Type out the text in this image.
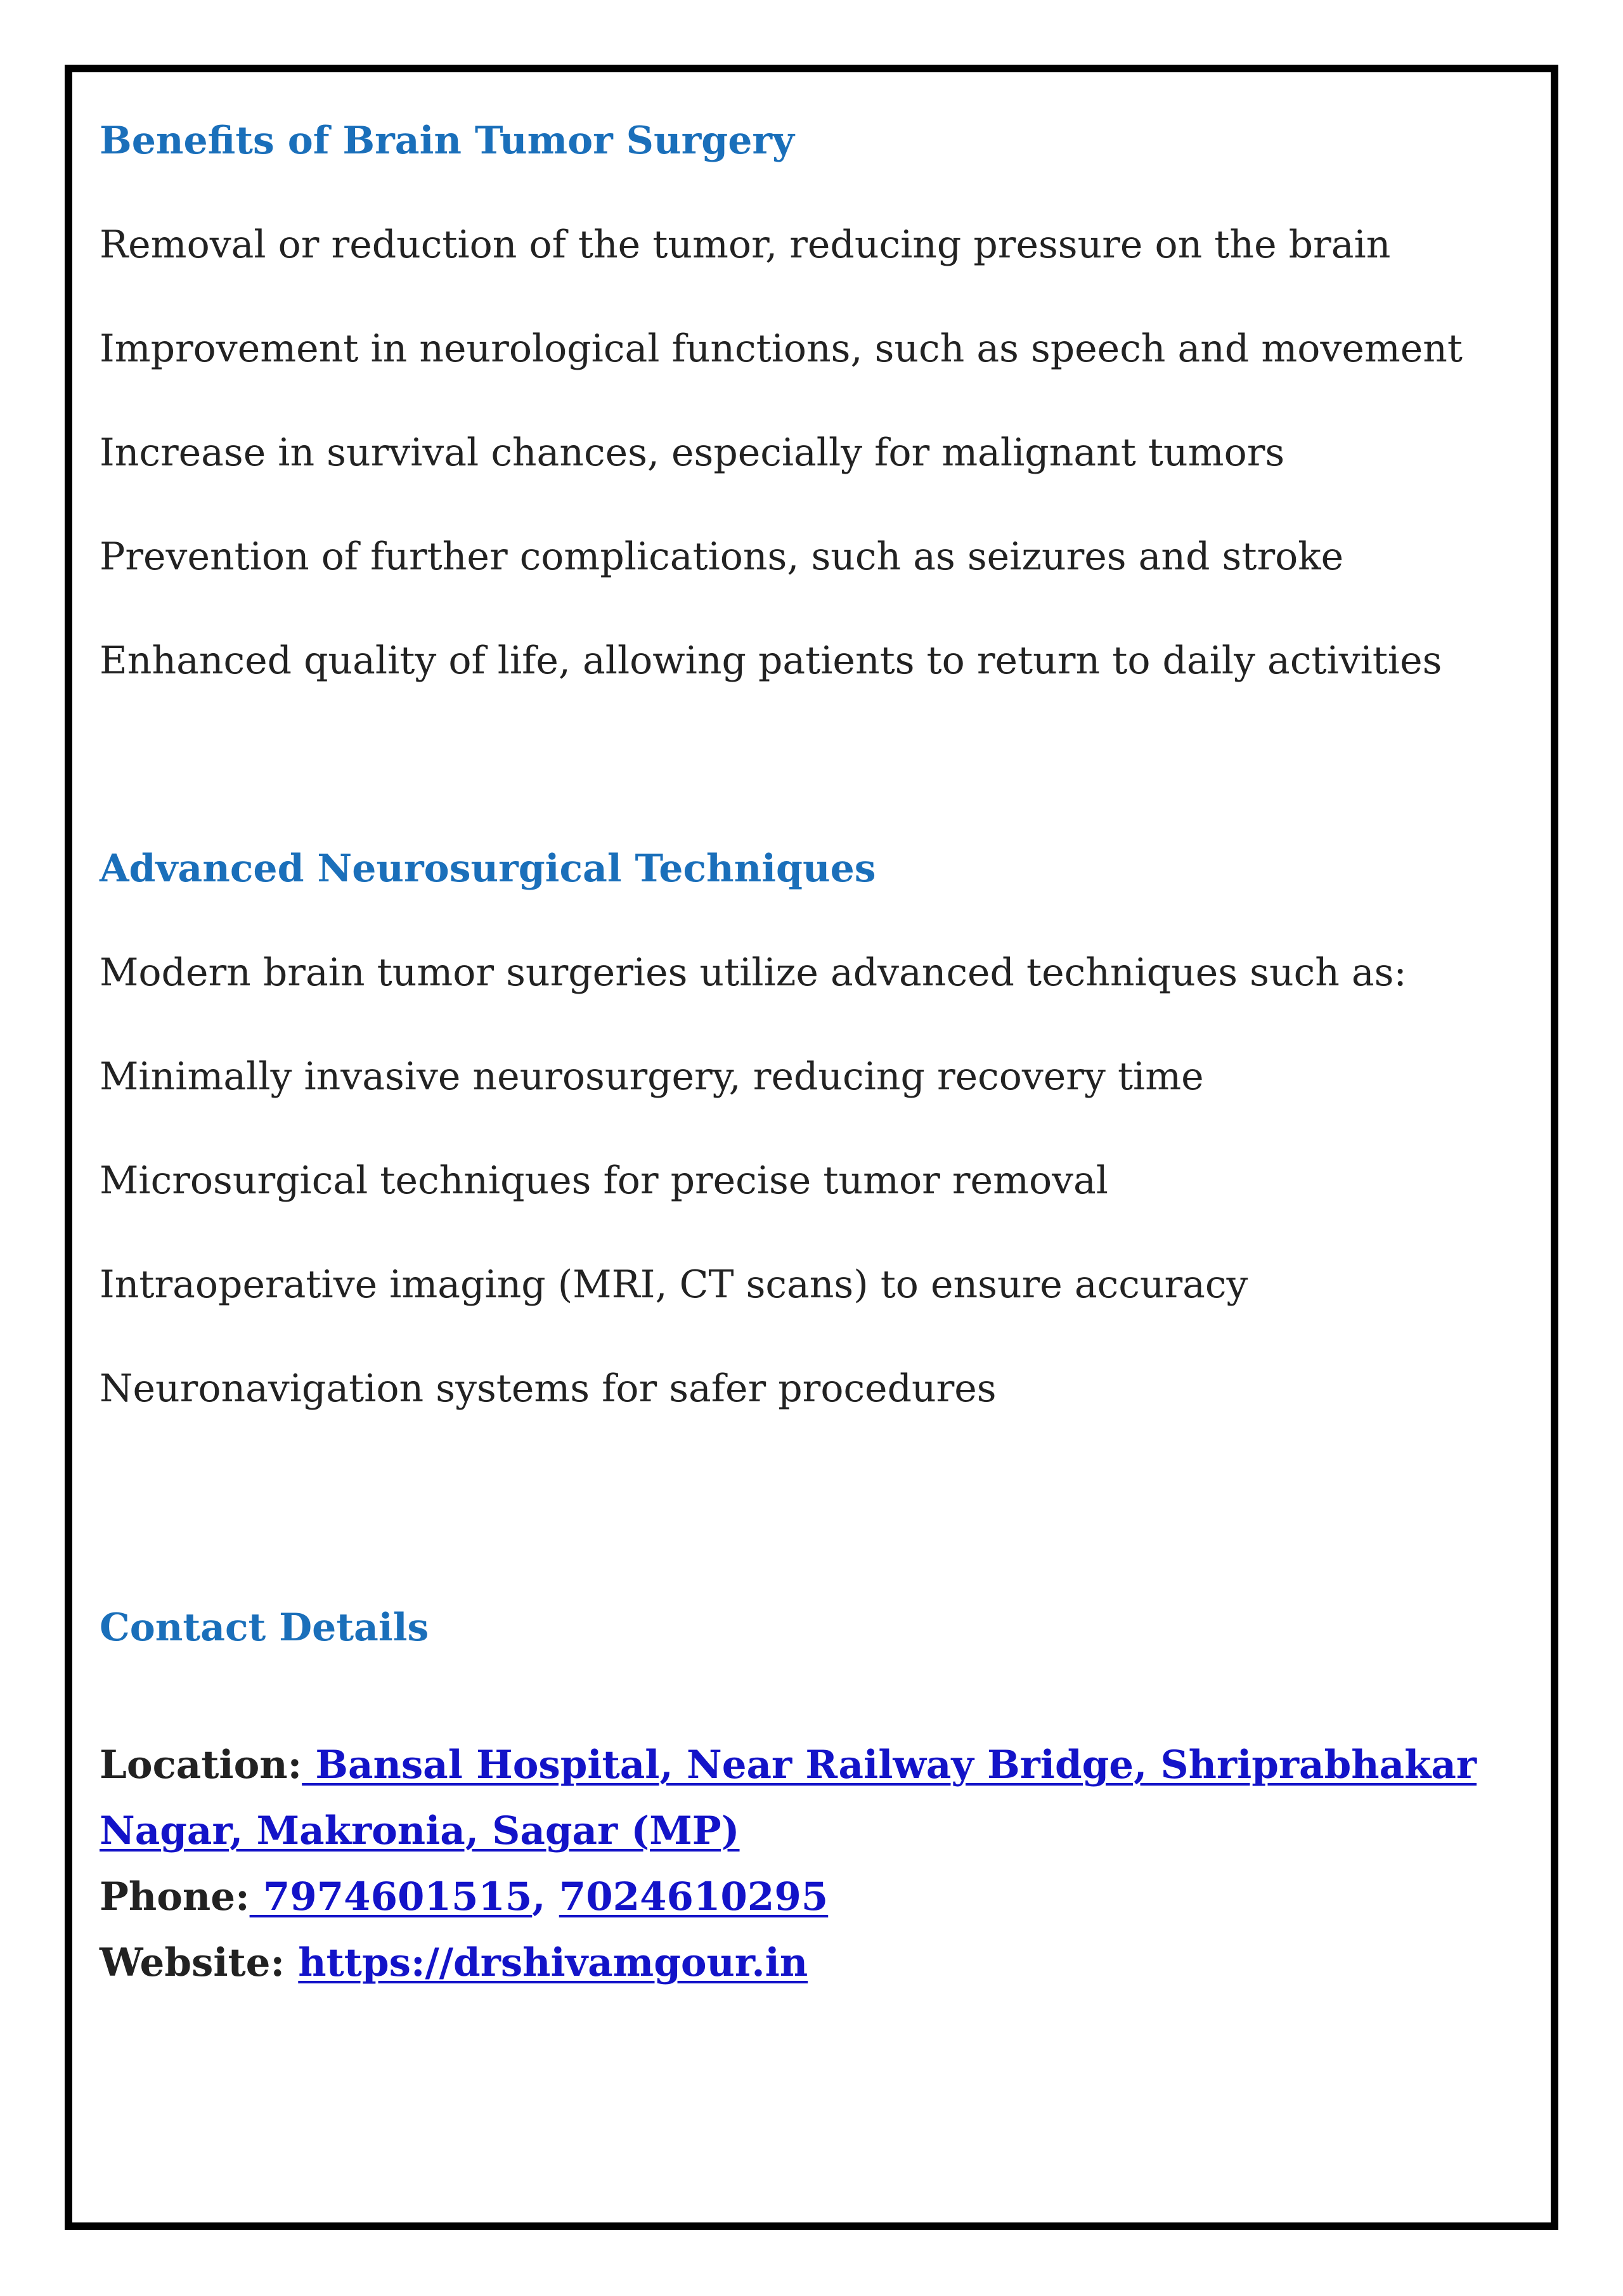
Benefits of Brain Tumor Surgery

Removal or reduction of the tumor, reducing pressure on the brain

Improvement in neurological functions, such as speech and movement

Increase in survival chances, especially for malignant tumors

Prevention of further complications, such as seizures and stroke

Enhanced quality of life, allowing patients to return to daily activities

Advanced Neurosurgical Techniques

Modern brain tumor surgeries utilize advanced techniques such as:

Minimally invasive neurosurgery, reducing recovery time

Microsurgical techniques for precise tumor removal

Intraoperative imaging (MRI, CT scans) to ensure accuracy

Neuronavigation systems for safer procedures

Contact Details

Location: Bansal Hospital, Near Railway Bridge, Shriprabhakar

Nagar, Makronia, Sagar (MP)

Phone: 7974601515, 7024610295

Website: https://drshivamgour.in
